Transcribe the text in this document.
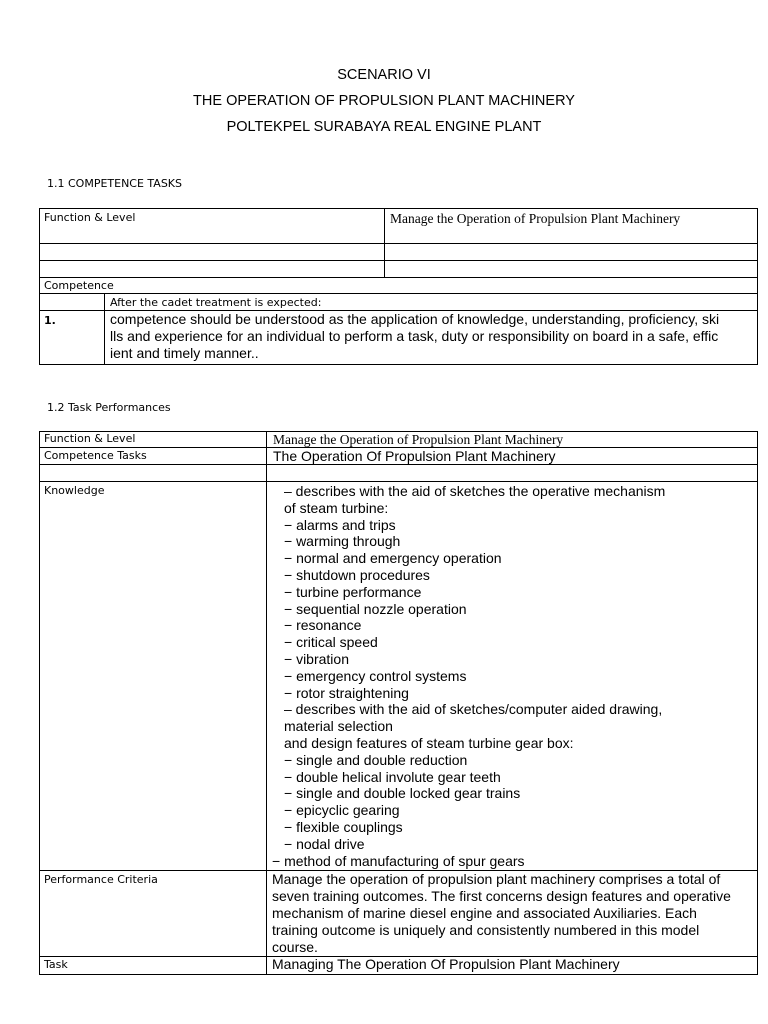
SCENARIO VI
THE OPERATION OF PROPULSION PLANT MACHINERY
POLTEKPEL SURABAYA REAL ENGINE PLANT
1.1 COMPETENCE TASKS
Function & Level	Manage the Operation of Propulsion Plant Machinery
Competence
After the cadet treatment is expected:
1.	competence should be understood as the application of knowledge, understanding, proficiency, skills and experience for an individual to perform a task, duty or responsibility on board in a safe, efficient and timely manner..
1.2 Task Performances
Function & Level	Manage the Operation of Propulsion Plant Machinery
Competence Tasks	The Operation Of Propulsion Plant Machinery
Knowledge	– describes with the aid of sketches the operative mechanism
of steam turbine:
− alarms and trips
− warming through
− normal and emergency operation
− shutdown procedures
− turbine performance
− sequential nozzle operation
− resonance
− critical speed
− vibration
− emergency control systems
− rotor straightening
– describes with the aid of sketches/computer aided drawing,
material selection
and design features of steam turbine gear box:
− single and double reduction
− double helical involute gear teeth
− single and double locked gear trains
− epicyclic gearing
− flexible couplings
− nodal drive
− method of manufacturing of spur gears
Performance Criteria	Manage the operation of propulsion plant machinery comprises a total of seven training outcomes. The first concerns design features and operative mechanism of marine diesel engine and associated Auxiliaries. Each training outcome is uniquely and consistently numbered in this model course.
Task	Managing The Operation Of Propulsion Plant Machinery
